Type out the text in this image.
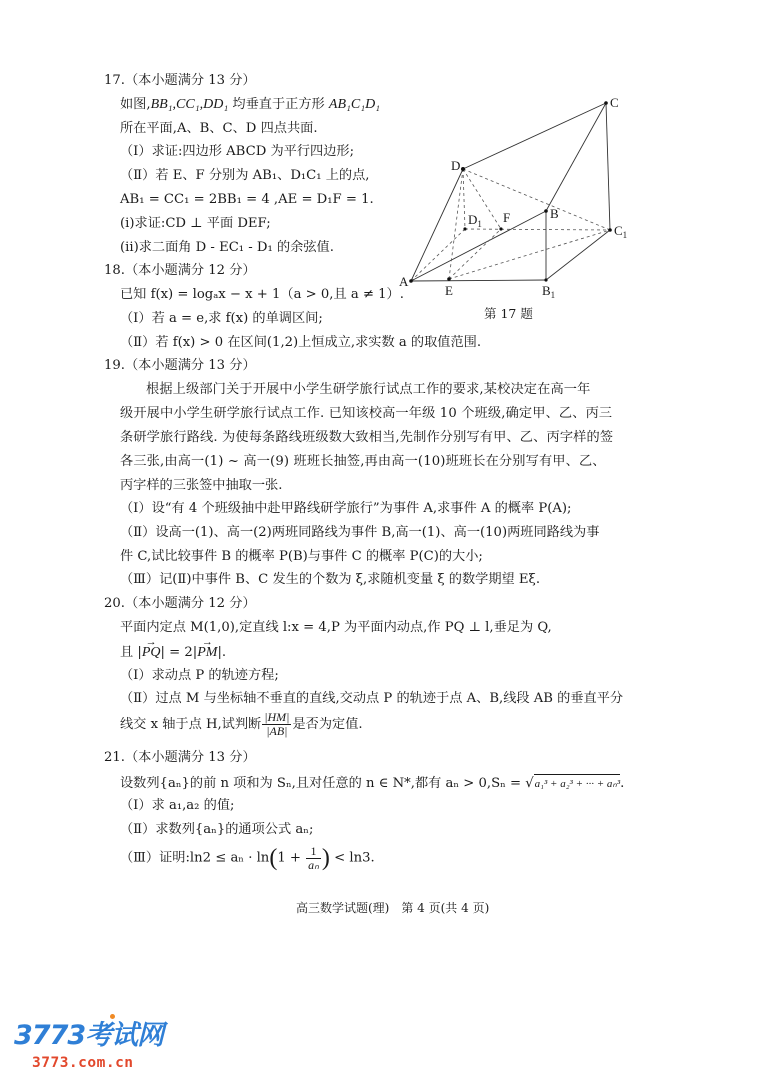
17.（本小题满分 13 分）
如图,BB₁,CC₁,DD₁ 均垂直于正方形 AB₁C₁D₁
所在平面,A、B、C、D 四点共面.
（Ⅰ）求证:四边形 ABCD 为平行四边形;
（Ⅱ）若 E、F 分别为 AB₁、D₁C₁ 上的点,
AB₁ = CC₁ = 2BB₁ = 4 ,AE = D₁F = 1.
(i)求证:CD ⊥ 平面 DEF;
(ii)求二面角 D - EC₁ - D₁ 的余弦值.
A
B
C
D
E
F
$B_1$
$C_1$
$D_1$
第 17 题
18.（本小题满分 12 分）
已知 f(x) = logₐx − x + 1（a > 0,且 a ≠ 1）.
（Ⅰ）若 a = e,求 f(x) 的单调区间;
（Ⅱ）若 f(x) > 0 在区间(1,2)上恒成立,求实数 a 的取值范围.
19.（本小题满分 13 分）
根据上级部门关于开展中小学生研学旅行试点工作的要求,某校决定在高一年
级开展中小学生研学旅行试点工作. 已知该校高一年级 10 个班级,确定甲、乙、丙三
条研学旅行路线. 为使每条路线班级数大致相当,先制作分别写有甲、乙、丙字样的签
各三张,由高一(1) ~ 高一(9) 班班长抽签,再由高一(10)班班长在分别写有甲、乙、
丙字样的三张签中抽取一张.
（Ⅰ）设“有 4 个班级抽中赴甲路线研学旅行”为事件 A,求事件 A 的概率 P(A);
（Ⅱ）设高一(1)、高一(2)两班同路线为事件 B,高一(1)、高一(10)两班同路线为事
件 C,试比较事件 B 的概率 P(B)与事件 C 的概率 P(C)的大小;
（Ⅲ）记(Ⅱ)中事件 B、C 发生的个数为 ξ,求随机变量 ξ 的数学期望 Eξ.
20.（本小题满分 12 分）
平面内定点 M(1,0),定直线 l:x = 4,P 为平面内动点,作 PQ ⊥ l,垂足为 Q,
且 |→ PQ| = 2|→ PM|.
（Ⅰ）求动点 P 的轨迹方程;
（Ⅱ）过点 M 与坐标轴不垂直的直线,交动点 P 的轨迹于点 A、B,线段 AB 的垂直平分
线交 x 轴于点 H,试判断 $\frac{|HM|}{|AB|}$ 是否为定值.
21.（本小题满分 13 分）
设数列{aₙ}的前 n 项和为 Sₙ,且对任意的 n ∈ N*,都有 aₙ > 0,Sₙ = √a₁³ + a₂³ + ··· + aₙ³.
（Ⅰ）求 a₁,a₂ 的值;
（Ⅱ）求数列{aₙ}的通项公式 aₙ;
（Ⅲ）证明:ln2 ≤ $a_n \cdot \ln(1 + \frac{1}{\text{aₙ}}$ ) < ln3.
高三数学试题(理)　第 4 页(共 4 页)
3773考试网
3773.com.cn
